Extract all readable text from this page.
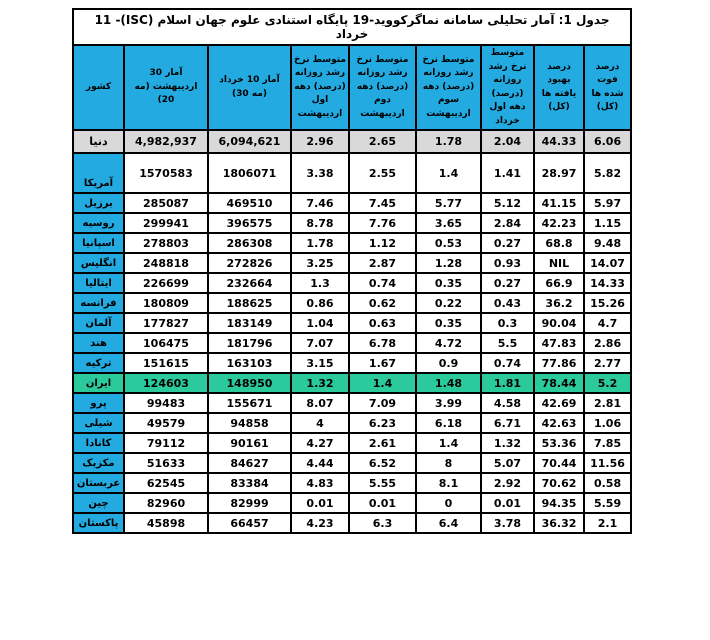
جدول 1: آمار تحلیلی سامانه نماگرکووید-19 پایگاه استنادی علوم جهان اسلام (ISC)- 11 خرداد								
كشور	آمار 30 اردیبهشت (مه 20)	آمار 10 خرداد (مه 30)	متوسط نرخ رشد روزانه (درصد) دهه اول اردیبهشت	متوسط نرخ رشد روزانه (درصد) دهه دوم اردیبهشت	متوسط نرخ رشد روزانه (درصد) دهه سوم اردیبهشت	متوسط نرخ رشد روزانه (درصد) دهه اول خرداد	درصد بهبود یافته ها (کل)	درصد فوت شده ها (کل)
دنیا	4,982,937	6,094,621	2.96	2.65	1.78	2.04	44.33	6.06
آمریکا	1570583	1806071	3.38	2.55	1.4	1.41	28.97	5.82
برزیل	285087	469510	7.46	7.45	5.77	5.12	41.15	5.97
روسیه	299941	396575	8.78	7.76	3.65	2.84	42.23	1.15
اسپانیا	278803	286308	1.78	1.12	0.53	0.27	68.8	9.48
انگلیس	248818	272826	3.25	2.87	1.28	0.93	NIL	14.07
ایتالیا	226699	232664	1.3	0.74	0.35	0.27	66.9	14.33
فرانسه	180809	188625	0.86	0.62	0.22	0.43	36.2	15.26
آلمان	177827	183149	1.04	0.63	0.35	0.3	90.04	4.7
هند	106475	181796	7.07	6.78	4.72	5.5	47.83	2.86
ترکیه	151615	163103	3.15	1.67	0.9	0.74	77.86	2.77
ایران	124603	148950	1.32	1.4	1.48	1.81	78.44	5.2
پرو	99483	155671	8.07	7.09	3.99	4.58	42.69	2.81
شیلی	49579	94858	4	6.23	6.18	6.71	42.63	1.06
کانادا	79112	90161	4.27	2.61	1.4	1.32	53.36	7.85
مکزیک	51633	84627	4.44	6.52	8	5.07	70.44	11.56
عربستان	62545	83384	4.83	5.55	8.1	2.92	70.62	0.58
چین	82960	82999	0.01	0.01	0	0.01	94.35	5.59
پاکستان	45898	66457	4.23	6.3	6.4	3.78	36.32	2.1
